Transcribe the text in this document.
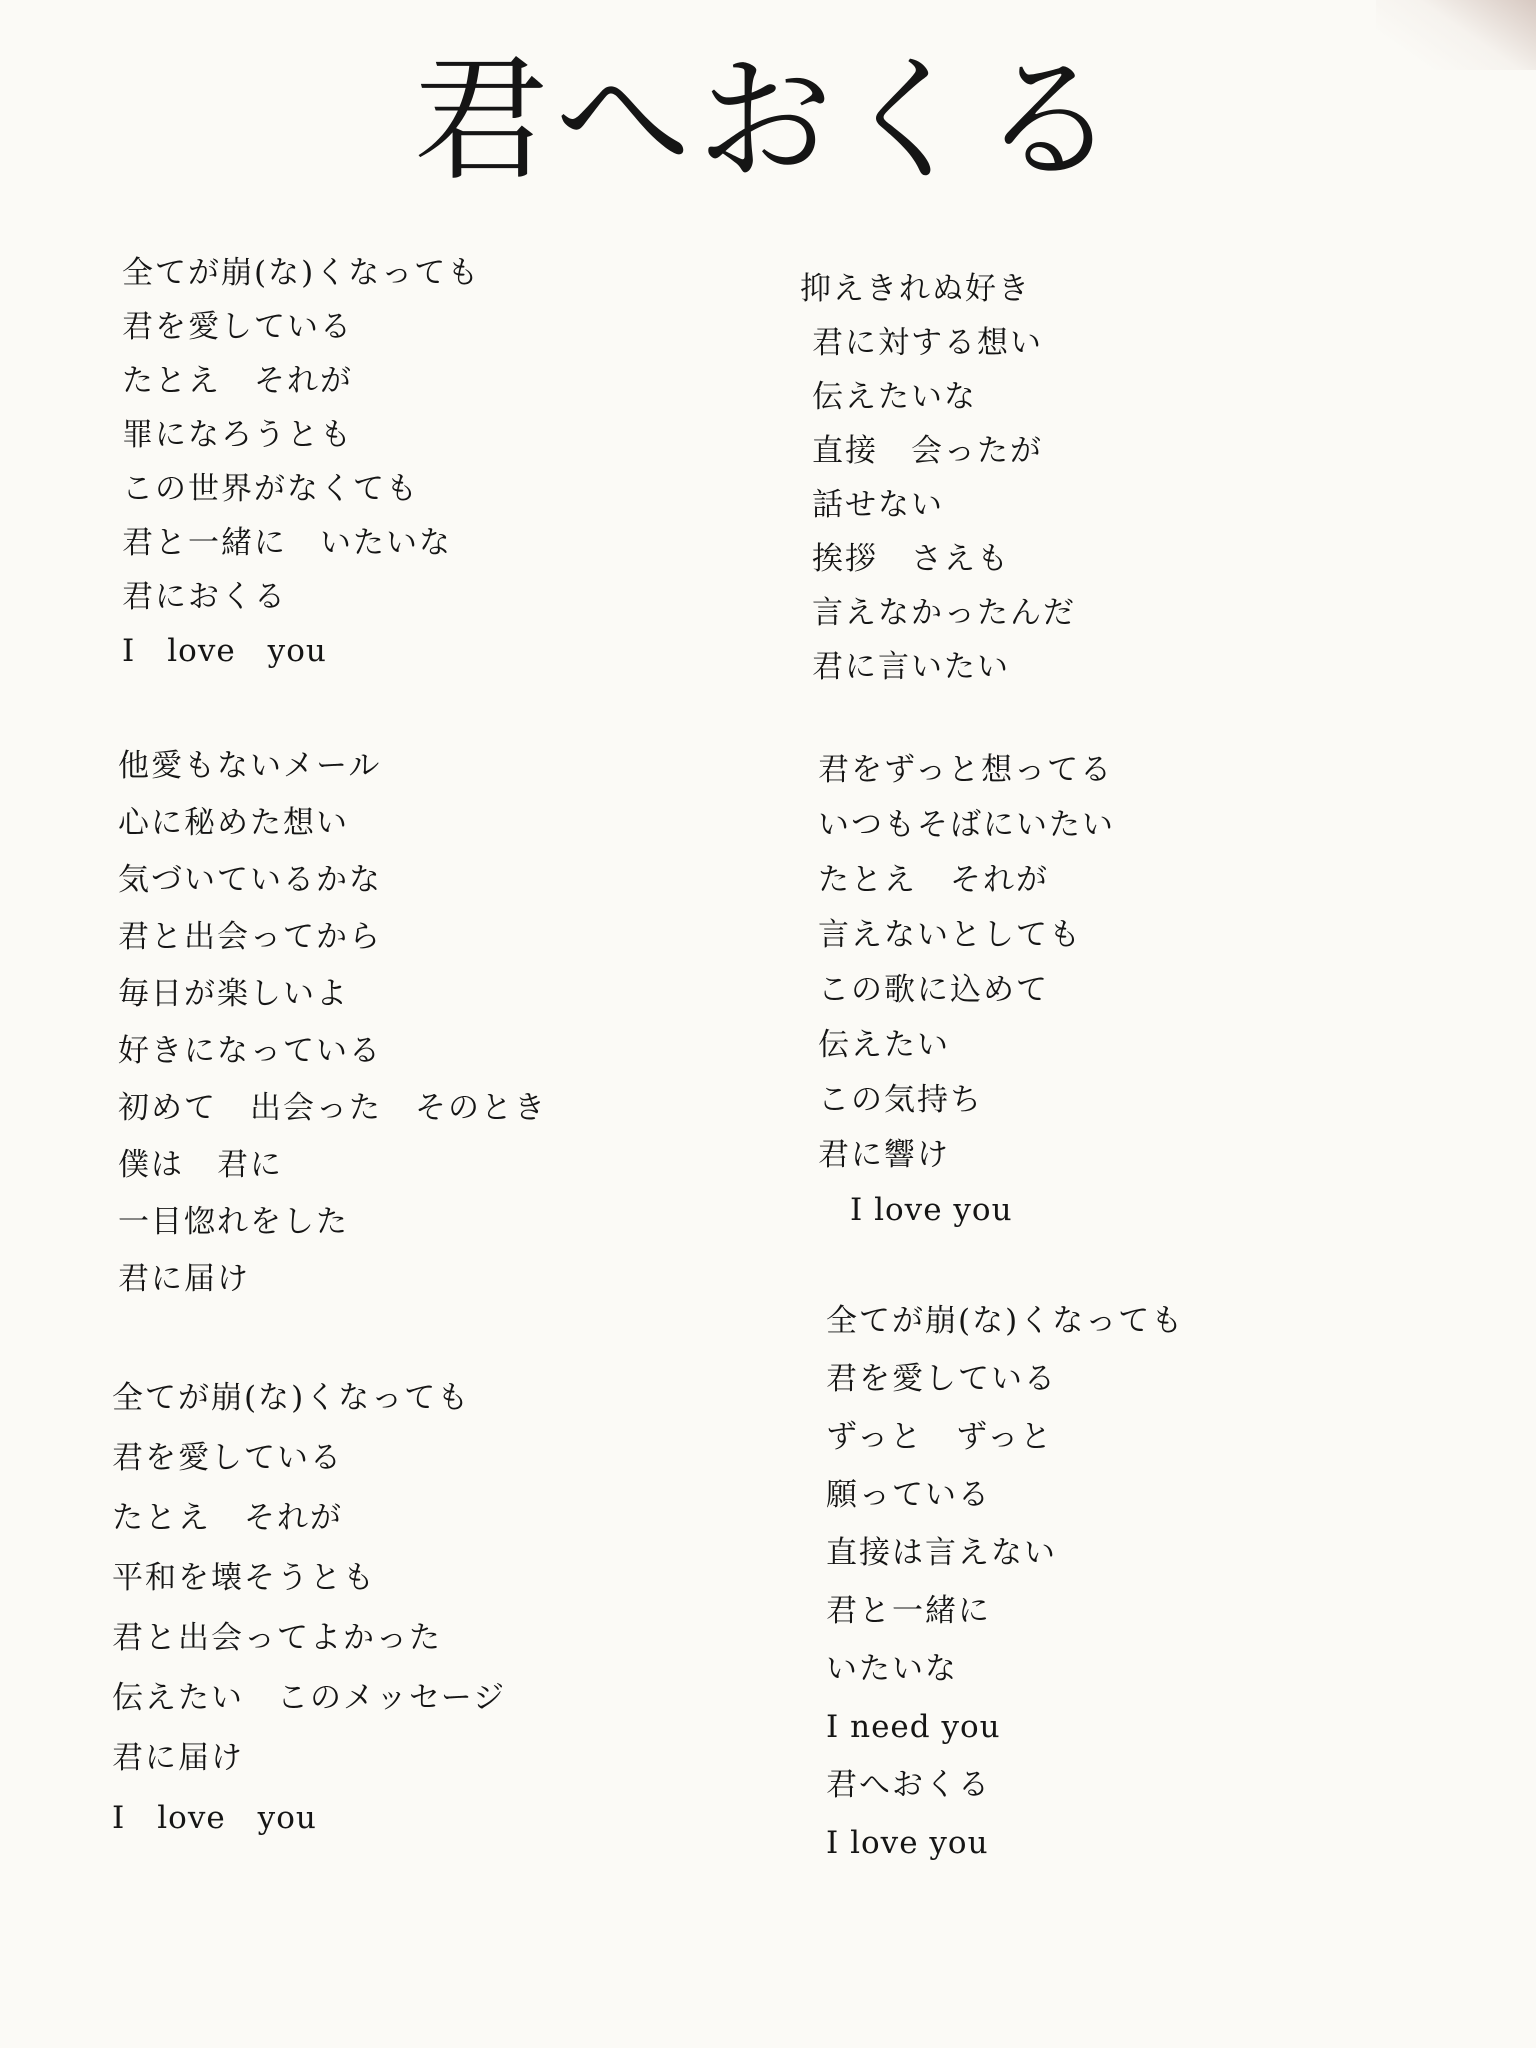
君へおくる
全てが崩(な)くなっても
君を愛している
たとえ　それが
罪になろうとも
この世界がなくても
君と一緒に　いたいな
君におくる
I　love　you
他愛もないメール
心に秘めた想い
気づいているかな
君と出会ってから
毎日が楽しいよ
好きになっている
初めて　出会った　そのとき
僕は　君に
一目惚れをした
君に届け
全てが崩(な)くなっても
君を愛している
たとえ　それが
平和を壊そうとも
君と出会ってよかった
伝えたい　このメッセージ
君に届け
I　love　you
抑えきれぬ好き
君に対する想い
伝えたいな
直接　会ったが
話せない
挨拶　さえも
言えなかったんだ
君に言いたい
君をずっと想ってる
いつもそばにいたい
たとえ　それが
言えないとしても
この歌に込めて
伝えたい
この気持ち
君に響け
　I love you
全てが崩(な)くなっても
君を愛している
ずっと　ずっと
願っている
直接は言えない
君と一緒に
いたいな
I need you
君へおくる
I love you
